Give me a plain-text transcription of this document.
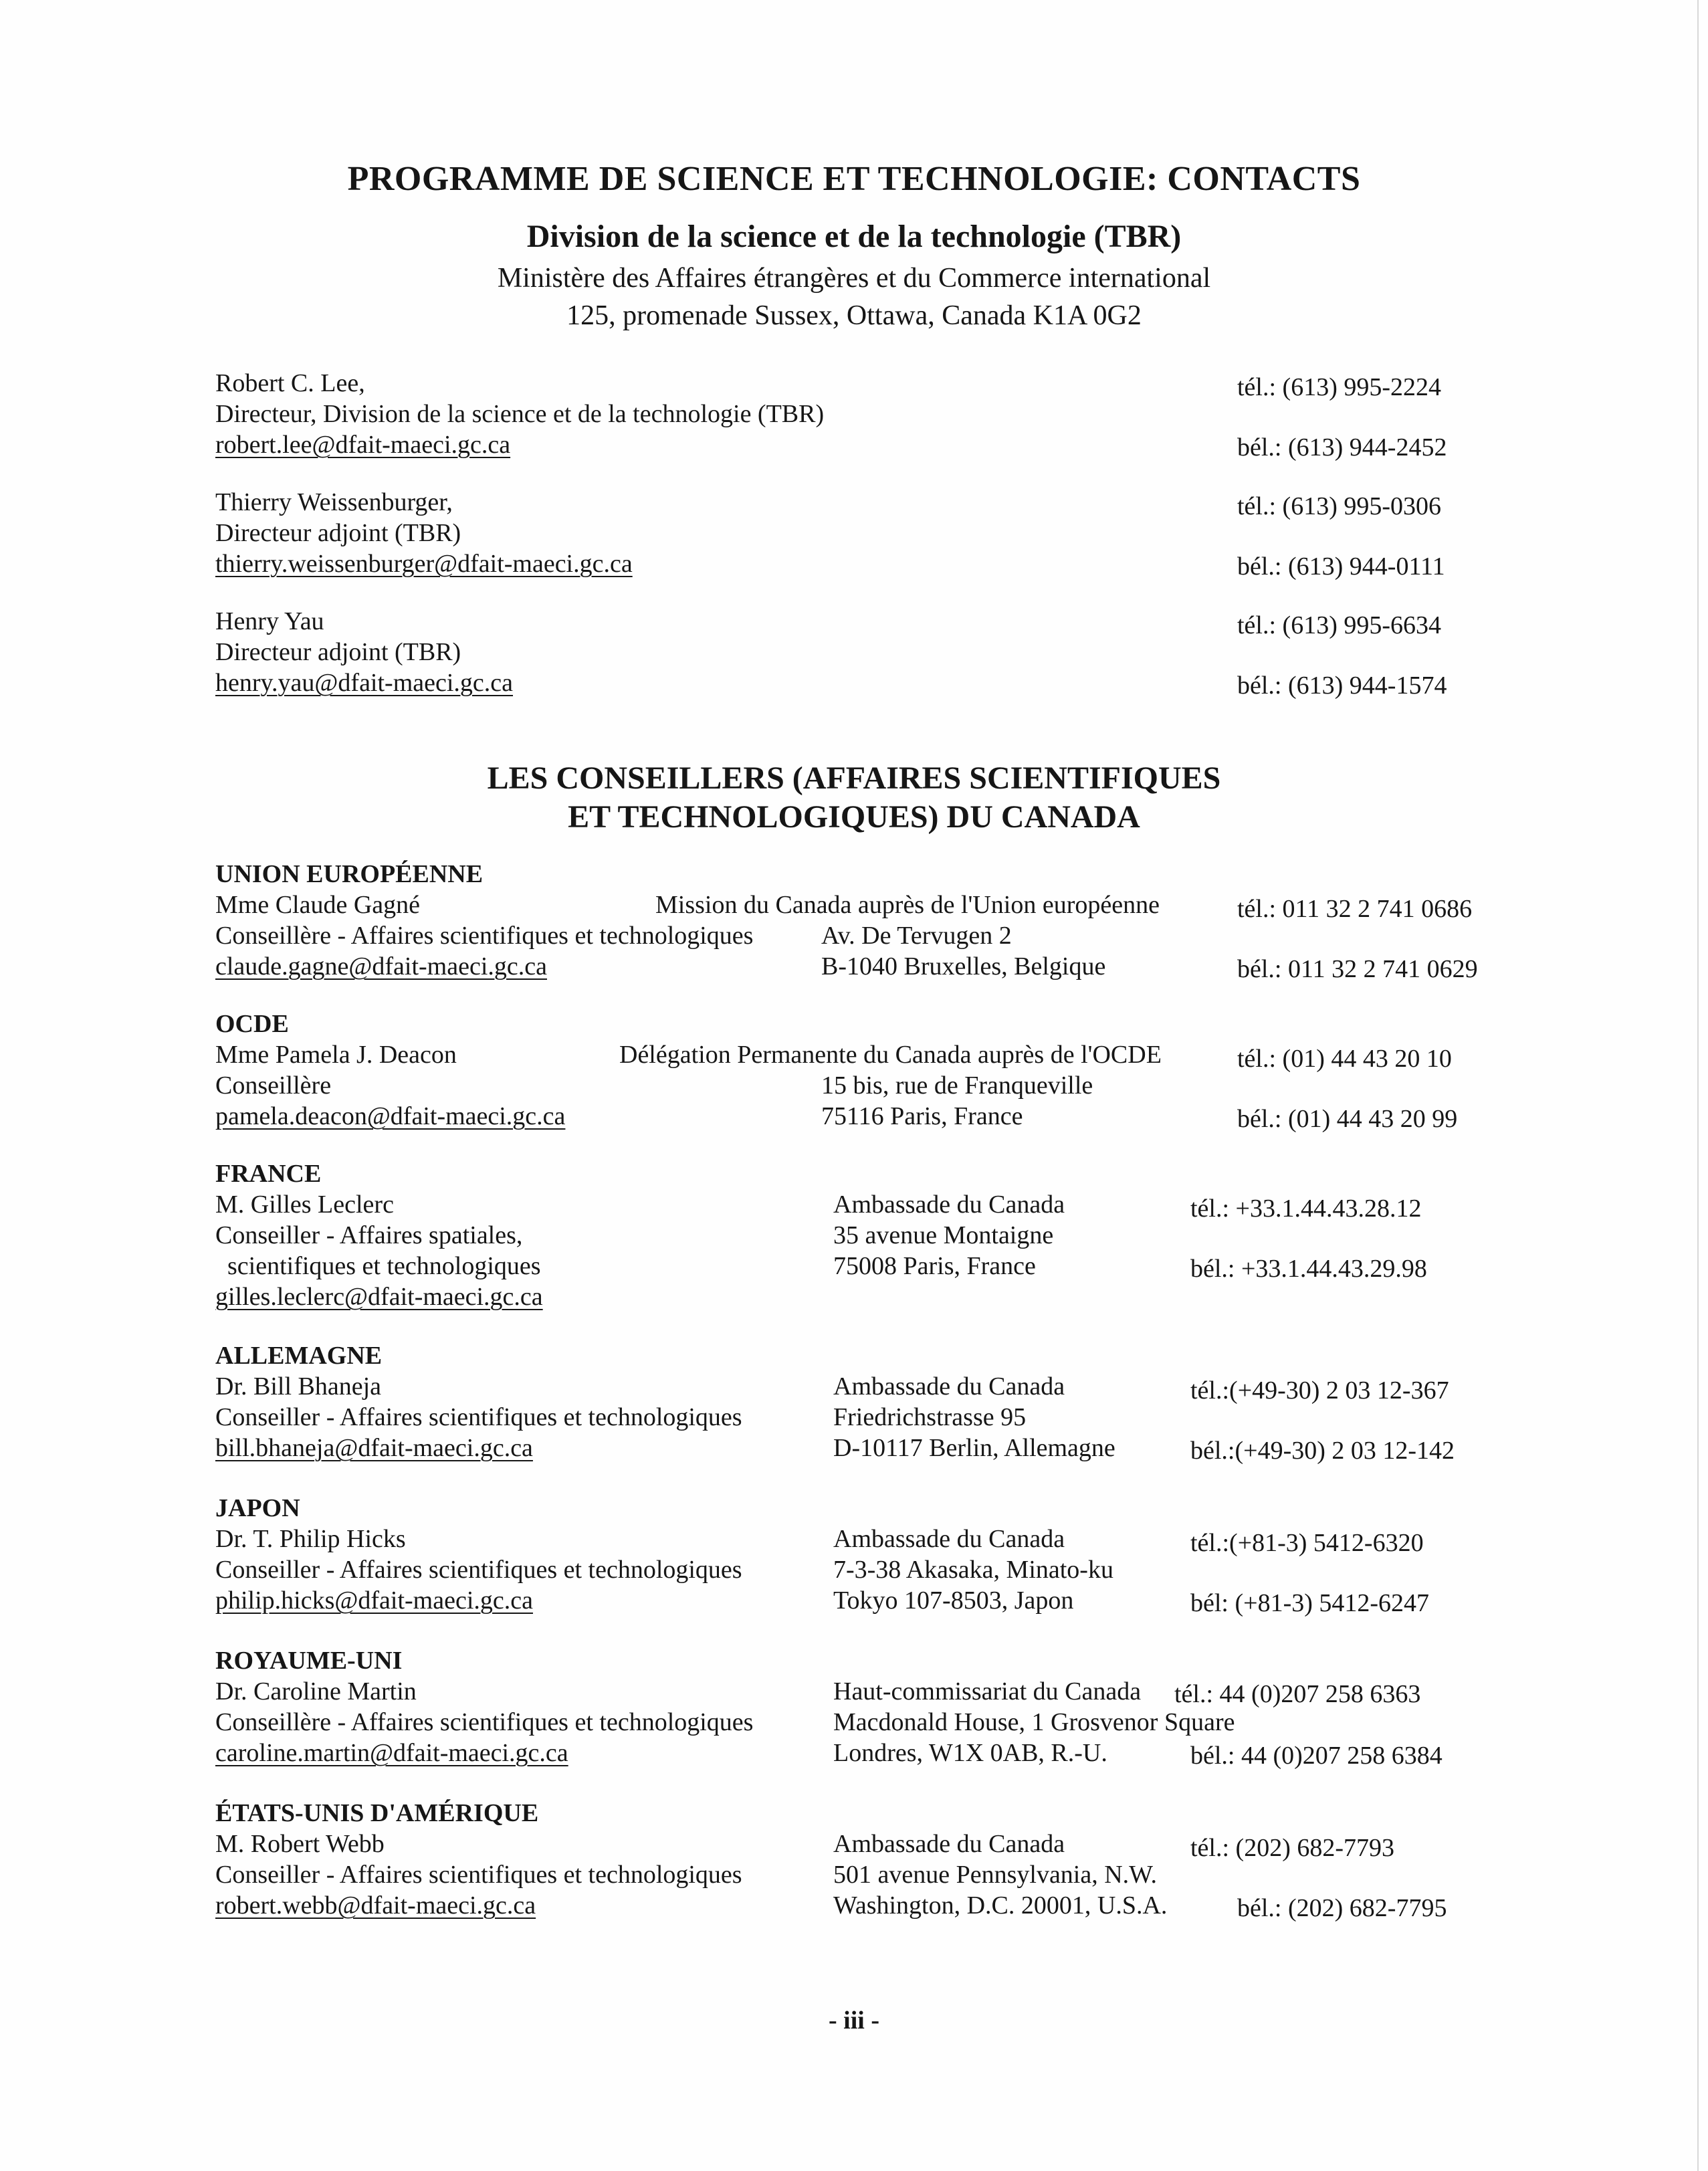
PROGRAMME DE SCIENCE ET TECHNOLOGIE: CONTACTS
Division de la science et de la technologie (TBR)
Ministère des Affaires étrangères et du Commerce international
125, promenade Sussex, Ottawa, Canada K1A 0G2
Robert C. Lee,
Directeur, Division de la science et de la technologie (TBR)
robert.lee@dfait-maeci.gc.ca
tél.: (613) 995-2224
bél.: (613) 944-2452
Thierry Weissenburger,
Directeur adjoint (TBR)
thierry.weissenburger@dfait-maeci.gc.ca
tél.: (613) 995-0306
bél.: (613) 944-0111
Henry Yau
Directeur adjoint (TBR)
henry.yau@dfait-maeci.gc.ca
tél.: (613) 995-6634
bél.: (613) 944-1574
LES CONSEILLERS (AFFAIRES SCIENTIFIQUES
ET TECHNOLOGIQUES) DU CANADA
UNION EUROPÉENNE
Mme Claude Gagné
Conseillère - Affaires scientifiques et technologiques
claude.gagne@dfait-maeci.gc.ca
Mission du Canada auprès de l'Union européenne
Av. De Tervugen 2
B-1040 Bruxelles, Belgique
tél.: 011 32 2 741 0686
bél.: 011 32 2 741 0629
OCDE
Mme Pamela J. Deacon
Conseillère
pamela.deacon@dfait-maeci.gc.ca
Délégation Permanente du Canada auprès de l'OCDE
15 bis, rue de Franqueville
75116 Paris, France
tél.: (01) 44 43 20 10
bél.: (01) 44 43 20 99
FRANCE
M. Gilles Leclerc
Conseiller - Affaires spatiales,
scientifiques et technologiques
gilles.leclerc@dfait-maeci.gc.ca
Ambassade du Canada
35 avenue Montaigne
75008 Paris, France
tél.: +33.1.44.43.28.12
bél.: +33.1.44.43.29.98
ALLEMAGNE
Dr. Bill Bhaneja
Conseiller - Affaires scientifiques et technologiques
bill.bhaneja@dfait-maeci.gc.ca
Ambassade du Canada
Friedrichstrasse 95
D-10117 Berlin, Allemagne
tél.:(+49-30) 2 03 12-367
bél.:(+49-30) 2 03 12-142
JAPON
Dr. T. Philip Hicks
Conseiller - Affaires scientifiques et technologiques
philip.hicks@dfait-maeci.gc.ca
Ambassade du Canada
7-3-38 Akasaka, Minato-ku
Tokyo 107-8503, Japon
tél.:(+81-3) 5412-6320
bél: (+81-3) 5412-6247
ROYAUME-UNI
Dr. Caroline Martin
Conseillère - Affaires scientifiques et technologiques
caroline.martin@dfait-maeci.gc.ca
Haut-commissariat du Canada
Macdonald House, 1 Grosvenor Square
Londres, W1X 0AB, R.-U.
tél.: 44 (0)207 258 6363
bél.: 44 (0)207 258 6384
ÉTATS-UNIS D'AMÉRIQUE
M. Robert Webb
Conseiller - Affaires scientifiques et technologiques
robert.webb@dfait-maeci.gc.ca
Ambassade du Canada
501 avenue Pennsylvania, N.W.
Washington, D.C. 20001, U.S.A.
tél.: (202) 682-7793
bél.: (202) 682-7795
- iii -
